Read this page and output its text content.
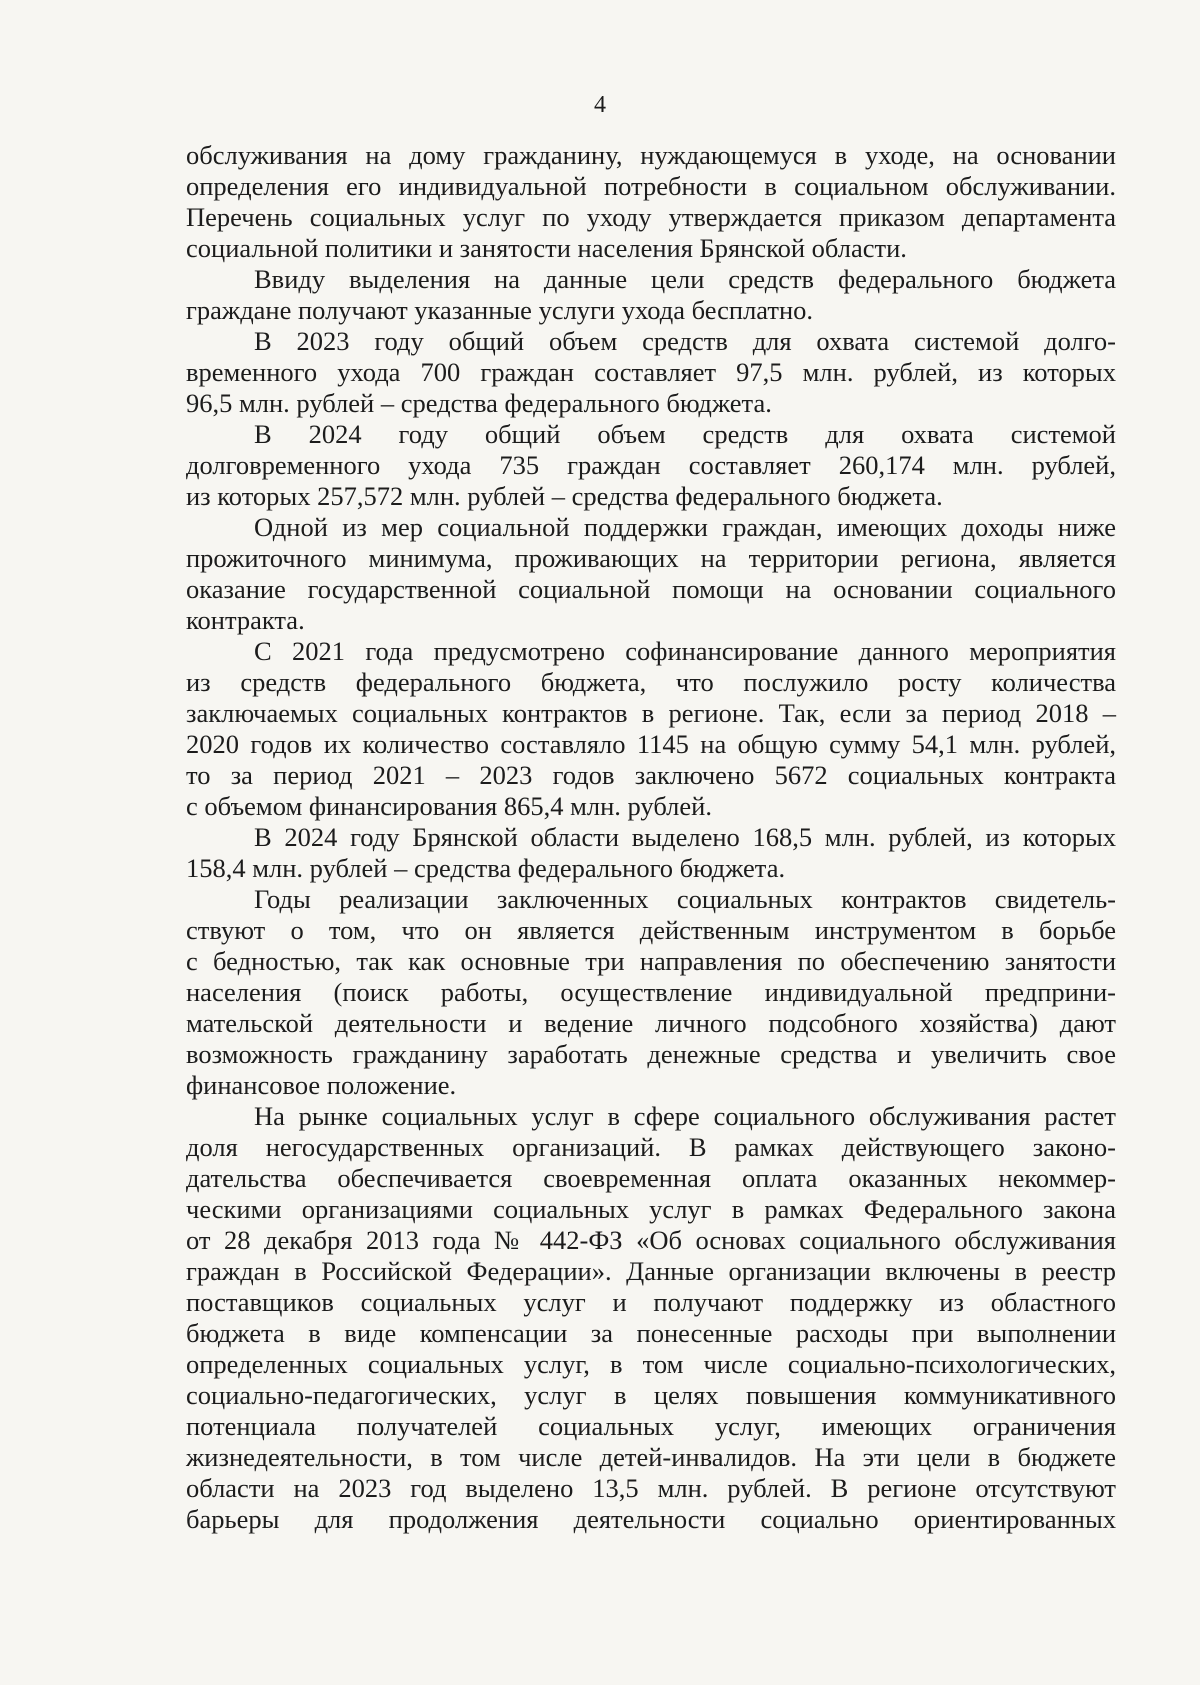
4
обслуживания на дому гражданину, нуждающемуся в уходе, на основании
определения его индивидуальной потребности в социальном обслуживании.
Перечень социальных услуг по уходу утверждается приказом департамента
социальной политики и занятости населения Брянской области.
Ввиду выделения на данные цели средств федерального бюджета
граждане получают указанные услуги ухода бесплатно.
В 2023 году общий объем средств для охвата системой долго-
временного ухода 700 граждан составляет 97,5 млн. рублей, из которых
96,5 млн. рублей – средства федерального бюджета.
В 2024 году общий объем средств для охвата системой
долговременного ухода 735 граждан составляет 260,174 млн. рублей,
из которых 257,572 млн. рублей – средства федерального бюджета.
Одной из мер социальной поддержки граждан, имеющих доходы ниже
прожиточного минимума, проживающих на территории региона, является
оказание государственной социальной помощи на основании социального
контракта.
С 2021 года предусмотрено софинансирование данного мероприятия
из средств федерального бюджета, что послужило росту количества
заключаемых социальных контрактов в регионе. Так, если за период 2018 –
2020 годов их количество составляло 1145 на общую сумму 54,1 млн. рублей,
то за период 2021 – 2023 годов заключено 5672 социальных контракта
с объемом финансирования 865,4 млн. рублей.
В 2024 году Брянской области выделено 168,5 млн. рублей, из которых
158,4 млн. рублей – средства федерального бюджета.
Годы реализации заключенных социальных контрактов свидетель-
ствуют о том, что он является действенным инструментом в борьбе
с бедностью, так как основные три направления по обеспечению занятости
населения (поиск работы, осуществление индивидуальной предприни-
мательской деятельности и ведение личного подсобного хозяйства) дают
возможность гражданину заработать денежные средства и увеличить свое
финансовое положение.
На рынке социальных услуг в сфере социального обслуживания растет
доля негосударственных организаций. В рамках действующего законо-
дательства обеспечивается своевременная оплата оказанных некоммер-
ческими организациями социальных услуг в рамках Федерального закона
от 28 декабря 2013 года № 442-ФЗ «Об основах социального обслуживания
граждан в Российской Федерации». Данные организации включены в реестр
поставщиков социальных услуг и получают поддержку из областного
бюджета в виде компенсации за понесенные расходы при выполнении
определенных социальных услуг, в том числе социально-психологических,
социально-педагогических, услуг в целях повышения коммуникативного
потенциала получателей социальных услуг, имеющих ограничения
жизнедеятельности, в том числе детей-инвалидов. На эти цели в бюджете
области на 2023 год выделено 13,5 млн. рублей. В регионе отсутствуют
барьеры для продолжения деятельности социально ориентированных
